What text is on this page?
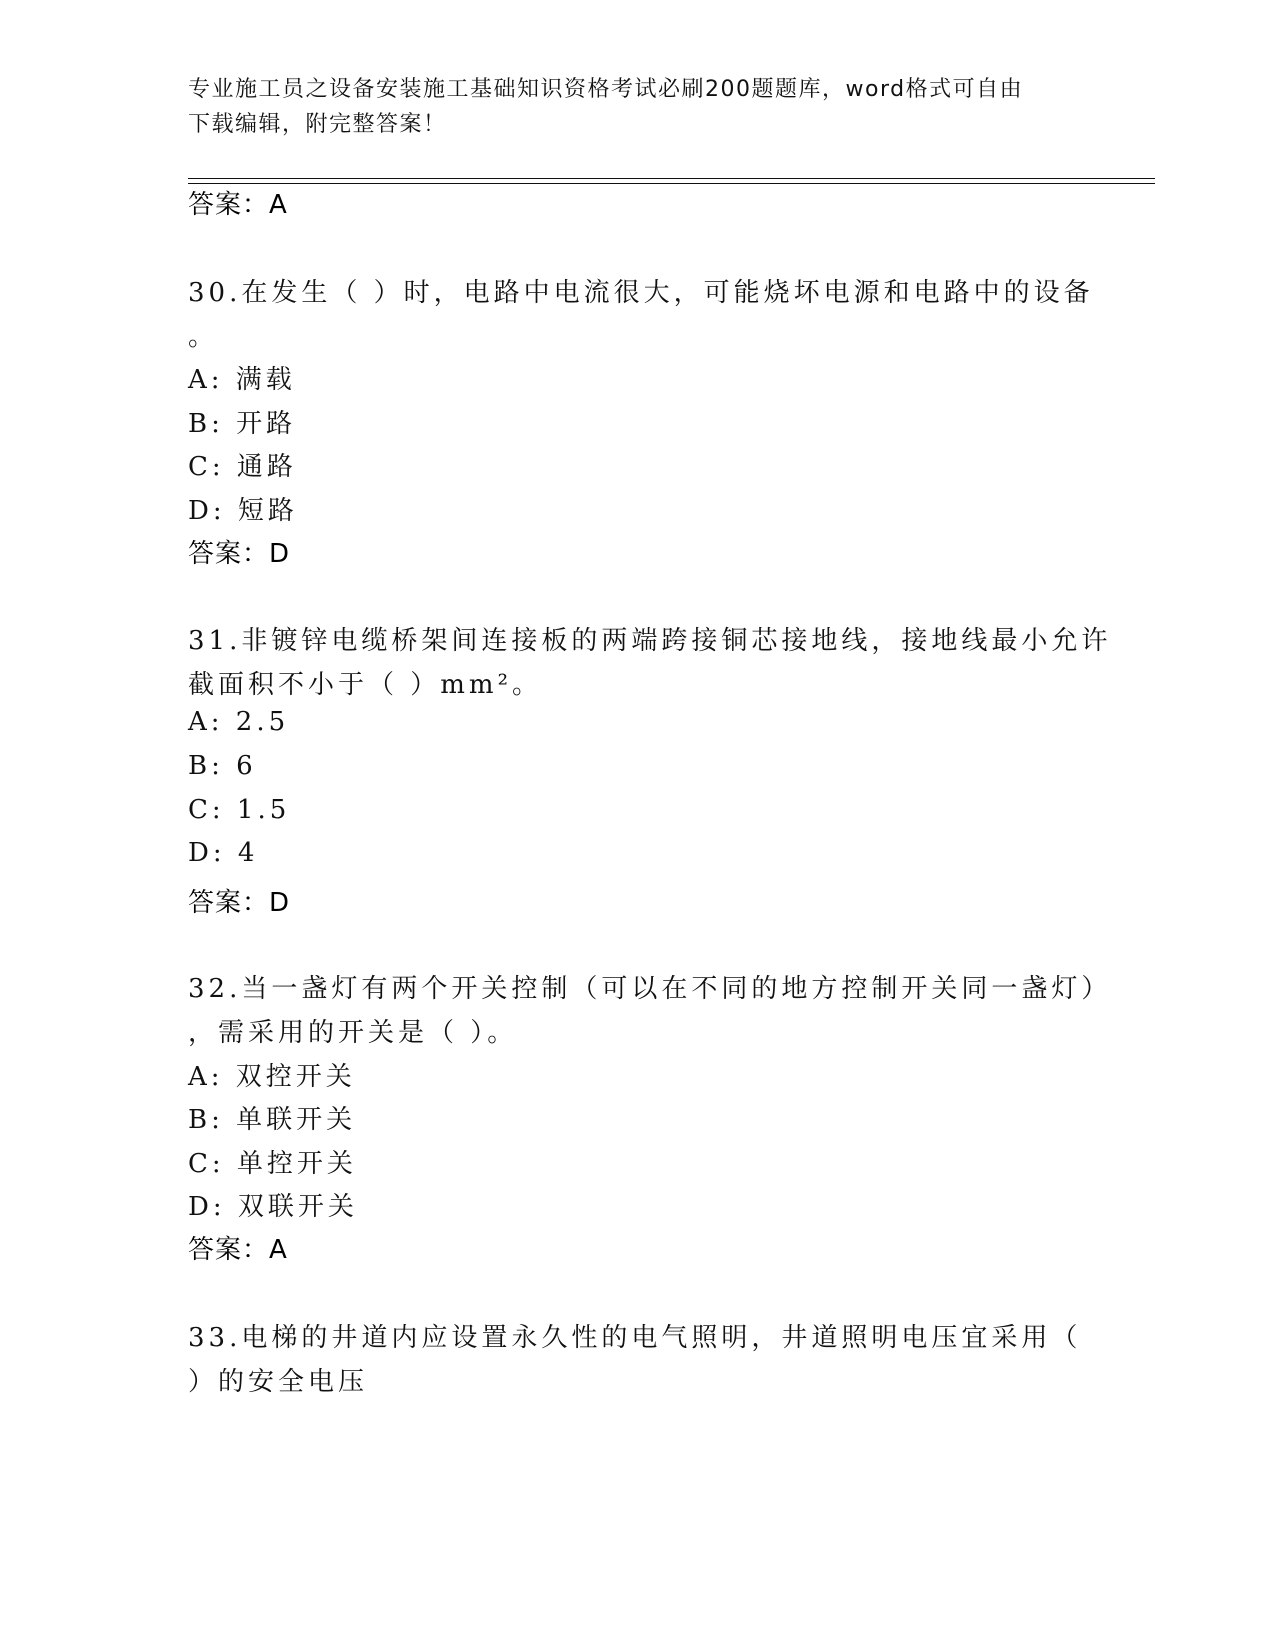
专业施工员之设备安装施工基础知识资格考试必刷200题题库，word格式可自由
下载编辑，附完整答案！
答案：A
30.在发生（ ）时，电路中电流很大，可能烧坏电源和电路中的设备
。
A: 满载
B: 开路
C: 通路
D: 短路
答案：D
31.非镀锌电缆桥架间连接板的两端跨接铜芯接地线，接地线最小允许
截面积不小于（ ）mm²。
A: 2.5
B: 6
C: 1.5
D: 4
答案：D
32.当一盏灯有两个开关控制（可以在不同的地方控制开关同一盏灯）
，需采用的开关是（ ）。
A: 双控开关
B: 单联开关
C: 单控开关
D: 双联开关
答案：A
33.电梯的井道内应设置永久性的电气照明，井道照明电压宜采用（
）的安全电压
